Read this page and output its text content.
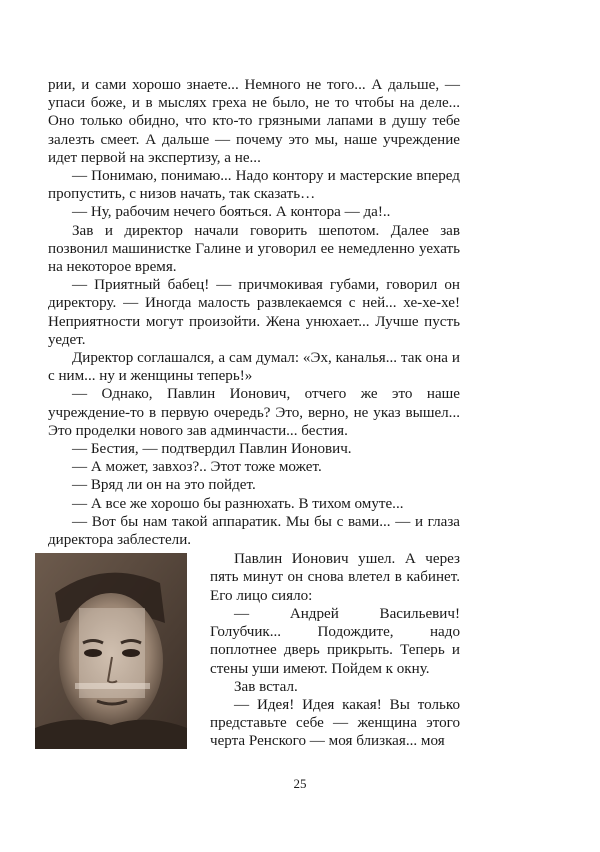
рии, и сами хорошо знаете... Немного не того... А дальше, — упаси боже, и в мыслях греха не было, не то чтобы на деле... Оно только обидно, что кто-то грязными лапами в душу тебе залезть смеет. А дальше — почему это мы, наше учреждение идет первой на экспертизу, а не...

— Понимаю, понимаю... Надо контору и мастерские вперед пропустить, с низов начать, так сказать…

— Ну, рабочим нечего бояться. А контора — да!..

Зав и директор начали говорить шепотом. Далее зав позвонил машинистке Галине и уговорил ее немедленно уехать на некоторое время.

— Приятный бабец! — причмокивая губами, говорил он директору. — Иногда малость развлекаемся с ней... хе-хе-хе! Неприятности могут произойти. Жена унюхает... Лучше пусть уедет.

Директор соглашался, а сам думал: «Эх, каналья... так она и с ним... ну и женщины теперь!»

— Однако, Павлин Ионович, отчего же это наше учреждение-то в первую очередь? Это, верно, не указ вышел... Это проделки нового зав админчасти... бестия.

— Бестия, — подтвердил Павлин Ионович.

— А может, завхоз?.. Этот тоже может.

— Вряд ли он на это пойдет.

— А все же хорошо бы разнюхать. В тихом омуте...

— Вот бы нам такой аппаратик. Мы бы с вами... — и глаза директора заблестели.

Павлин Ионович ушел. А через пять минут он снова влетел в кабинет. Его лицо сияло:

— Андрей Васильевич! Голубчик... Подождите, надо поплотнее дверь прикрыть. Теперь и стены уши имеют. Пойдем к окну.

Зав встал.

— Идея! Идея какая! Вы только представьте себе — женщина этого черта Ренского — моя близкая... моя

25
